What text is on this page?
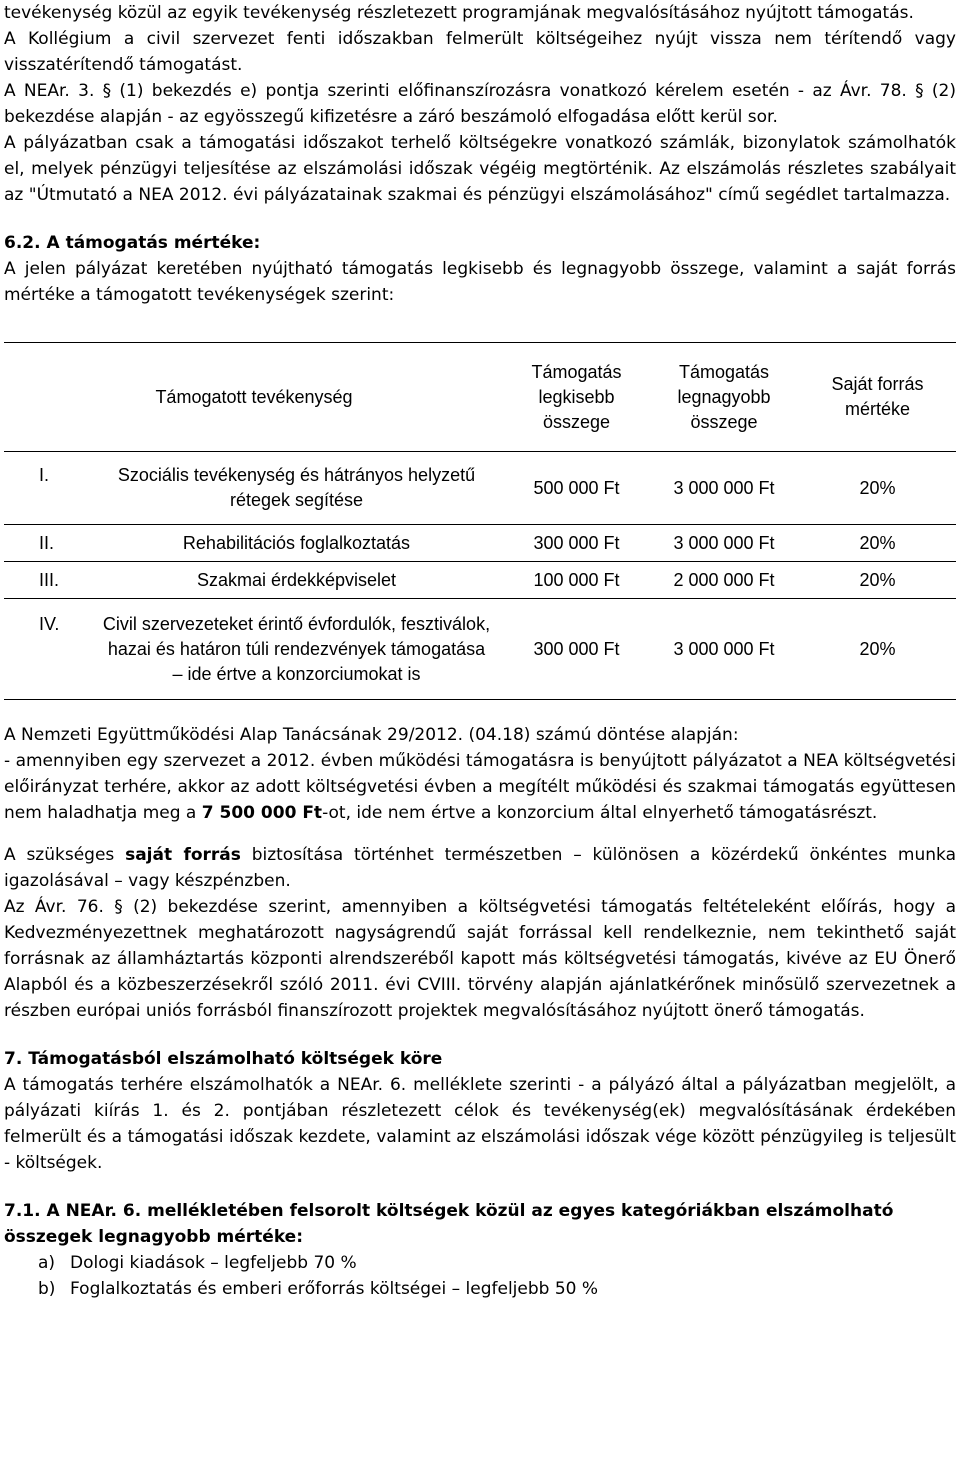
tevékenység közül az egyik tevékenység részletezett programjának megvalósításához nyújtott támogatás.

A Kollégium a civil szervezet fenti időszakban felmerült költségeihez nyújt vissza nem térítendő vagy visszatérítendő támogatást.

A NEAr. 3. § (1) bekezdés e) pontja szerinti előfinanszírozásra vonatkozó kérelem esetén - az Ávr. 78. § (2) bekezdése alapján - az egyösszegű kifizetésre a záró beszámoló elfogadása előtt kerül sor.

A pályázatban csak a támogatási időszakot terhelő költségekre vonatkozó számlák, bizonylatok számolhatók el, melyek pénzügyi teljesítése az elszámolási időszak végéig megtörténik. Az elszámolás részletes szabályait az "Útmutató a NEA 2012. évi pályázatainak szakmai és pénzügyi elszámolásához" című segédlet tartalmazza.

6.2. A támogatás mértéke:

A jelen pályázat keretében nyújtható támogatás legkisebb és legnagyobb összege, valamint a saját forrás mértéke a támogatott tevékenységek szerint:

Támogatott tevékenység	Támogatás legkisebb összege	Támogatás legnagyobb összege	Saját forrás mértéke

I. Szociális tevékenység és hátrányos helyzetű rétegek segítése	500 000 Ft	3 000 000 Ft	20%

II. Rehabilitációs foglalkoztatás	300 000 Ft	3 000 000 Ft	20%

III. Szakmai érdekképviselet	100 000 Ft	2 000 000 Ft	20%

IV. Civil szervezeteket érintő évfordulók, fesztiválok, hazai és határon túli rendezvények támogatása
– ide értve a konzorciumokat is	300 000 Ft	3 000 000 Ft	20%

A Nemzeti Együttműködési Alap Tanácsának 29/2012. (04.18) számú döntése alapján:

- amennyiben egy szervezet a 2012. évben működési támogatásra is benyújtott pályázatot a NEA költségvetési előirányzat terhére, akkor az adott költségvetési évben a megítélt működési és szakmai támogatás együttesen nem haladhatja meg a 7 500 000 Ft-ot, ide nem értve a konzorcium által elnyerhető támogatásrészt.

A szükséges saját forrás biztosítása történhet természetben – különösen a közérdekű önkéntes munka igazolásával – vagy készpénzben.

Az Ávr. 76. § (2) bekezdése szerint, amennyiben a költségvetési támogatás feltételeként előírás, hogy a Kedvezményezettnek meghatározott nagyságrendű saját forrással kell rendelkeznie, nem tekinthető saját forrásnak az államháztartás központi alrendszeréből kapott más költségvetési támogatás, kivéve az EU Önerő Alapból és a közbeszerzésekről szóló 2011. évi CVIII. törvény alapján ajánlatkérőnek minősülő szervezetnek a részben európai uniós forrásból finanszírozott projektek megvalósításához nyújtott önerő támogatás.

7. Támogatásból elszámolható költségek köre

A támogatás terhére elszámolhatók a NEAr. 6. melléklete szerinti - a pályázó által a pályázatban megjelölt, a pályázati kiírás 1. és 2. pontjában részletezett célok és tevékenység(ek) megvalósításának érdekében felmerült és a támogatási időszak kezdete, valamint az elszámolási időszak vége között pénzügyileg is teljesült - költségek.

7.1. A NEAr. 6. mellékletében felsorolt költségek közül az egyes kategóriákban elszámolható összegek legnagyobb mértéke:
a) Dologi kiadások – legfeljebb 70 %
b) Foglalkoztatás és emberi erőforrás költségei – legfeljebb 50 %
